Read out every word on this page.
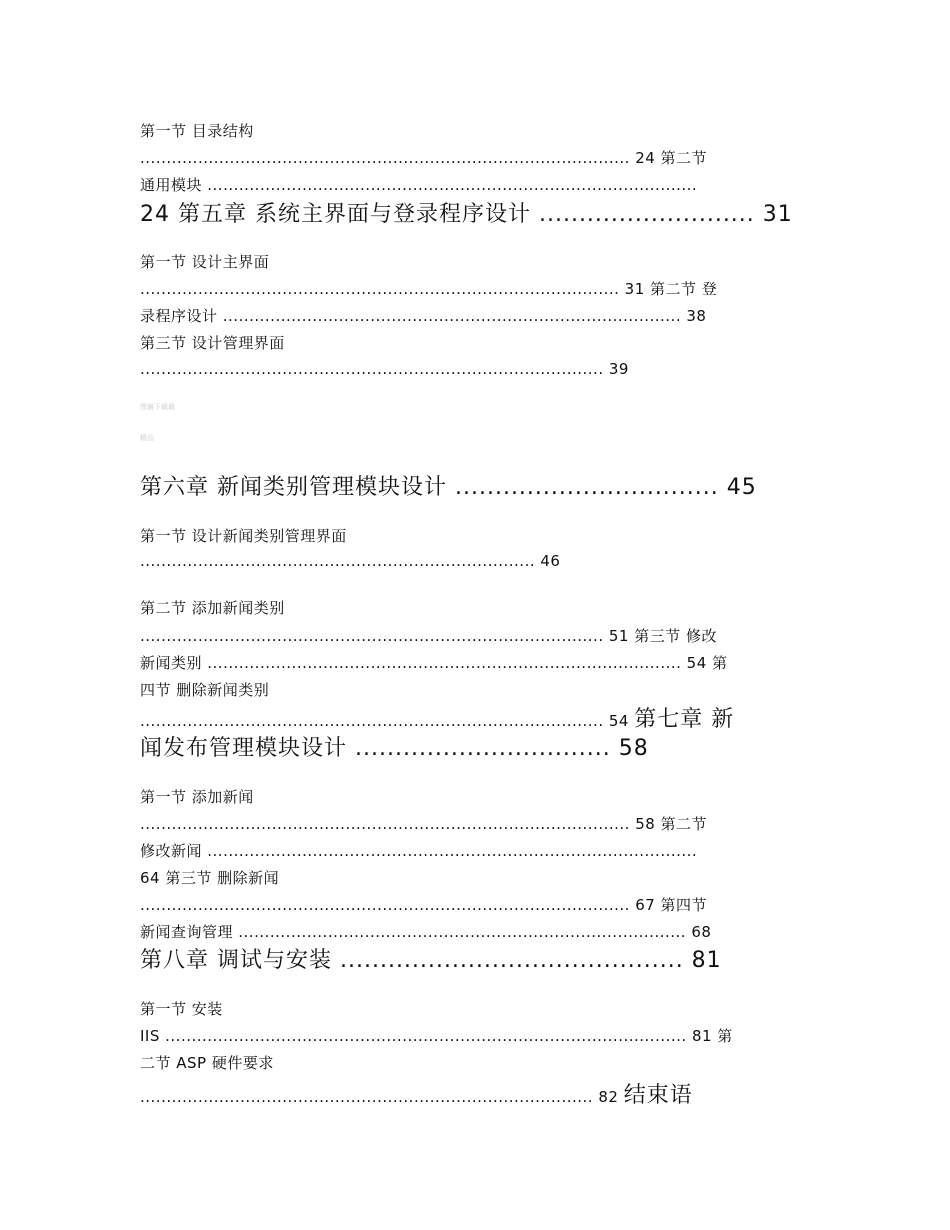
第一节 目录结构
............................................................................................. 24 第二节
通用模块 .............................................................................................
24 第五章 系统主界面与登录程序设计 ........................... 31
第一节 设计主界面
........................................................................................... 31 第二节 登
录程序设计 ....................................................................................... 38
第三节 设计管理界面
........................................................................................ 39
图谢下载载
精品
第六章 新闻类别管理模块设计 ................................. 45
第一节 设计新闻类别管理界面
........................................................................... 46
第二节 添加新闻类别
........................................................................................ 51 第三节 修改
新闻类别 .......................................................................................... 54 第
四节 删除新闻类别
........................................................................................ 54 第七章 新
闻发布管理模块设计 ................................ 58
第一节 添加新闻
............................................................................................. 58 第二节
修改新闻 .............................................................................................
64 第三节 删除新闻
............................................................................................. 67 第四节
新闻查询管理 ..................................................................................... 68
第八章 调试与安装 ........................................... 81
第一节 安装
IIS ................................................................................................... 81 第
二节 ASP 硬件要求
...................................................................................... 82 结束语
